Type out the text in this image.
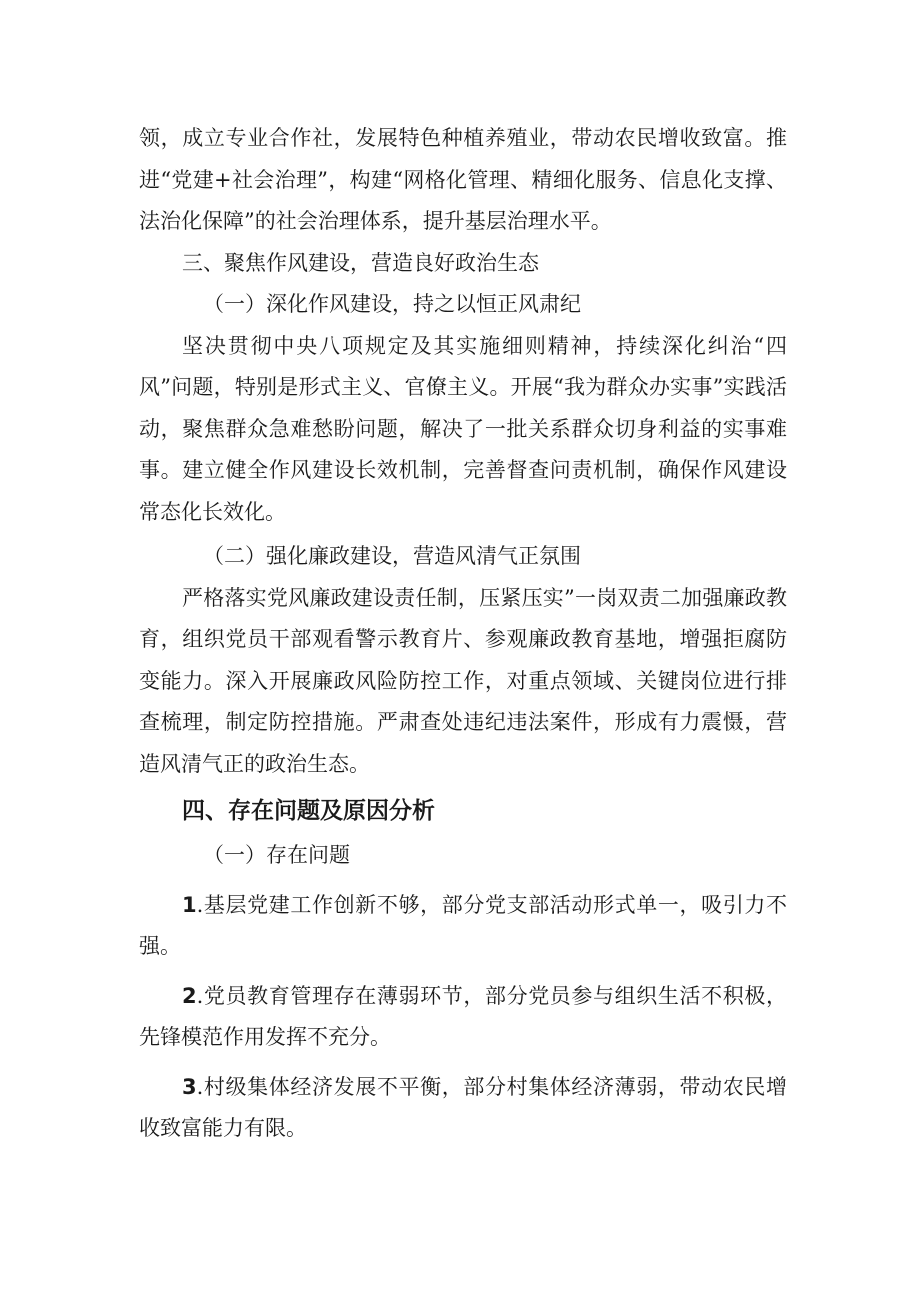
领，成立专业合作社，发展特色种植养殖业，带动农民增收致富。推进“党建+社会治理”，构建“网格化管理、精细化服务、信息化支撑、法治化保障”的社会治理体系，提升基层治理水平。

三、聚焦作风建设，营造良好政治生态

（一）深化作风建设，持之以恒正风肃纪

坚决贯彻中央八项规定及其实施细则精神，持续深化纠治“四风”问题，特别是形式主义、官僚主义。开展“我为群众办实事”实践活动，聚焦群众急难愁盼问题，解决了一批关系群众切身利益的实事难事。建立健全作风建设长效机制，完善督查问责机制，确保作风建设常态化长效化。

（二）强化廉政建设，营造风清气正氛围

严格落实党风廉政建设责任制，压紧压实”一岗双责二加强廉政教育，组织党员干部观看警示教育片、参观廉政教育基地，增强拒腐防变能力。深入开展廉政风险防控工作，对重点领域、关键岗位进行排查梳理，制定防控措施。严肃查处违纪违法案件，形成有力震慑，营造风清气正的政治生态。

四、存在问题及原因分析

（一）存在问题

1.基层党建工作创新不够，部分党支部活动形式单一，吸引力不强。

2.党员教育管理存在薄弱环节，部分党员参与组织生活不积极，先锋模范作用发挥不充分。

3.村级集体经济发展不平衡，部分村集体经济薄弱，带动农民增收致富能力有限。
